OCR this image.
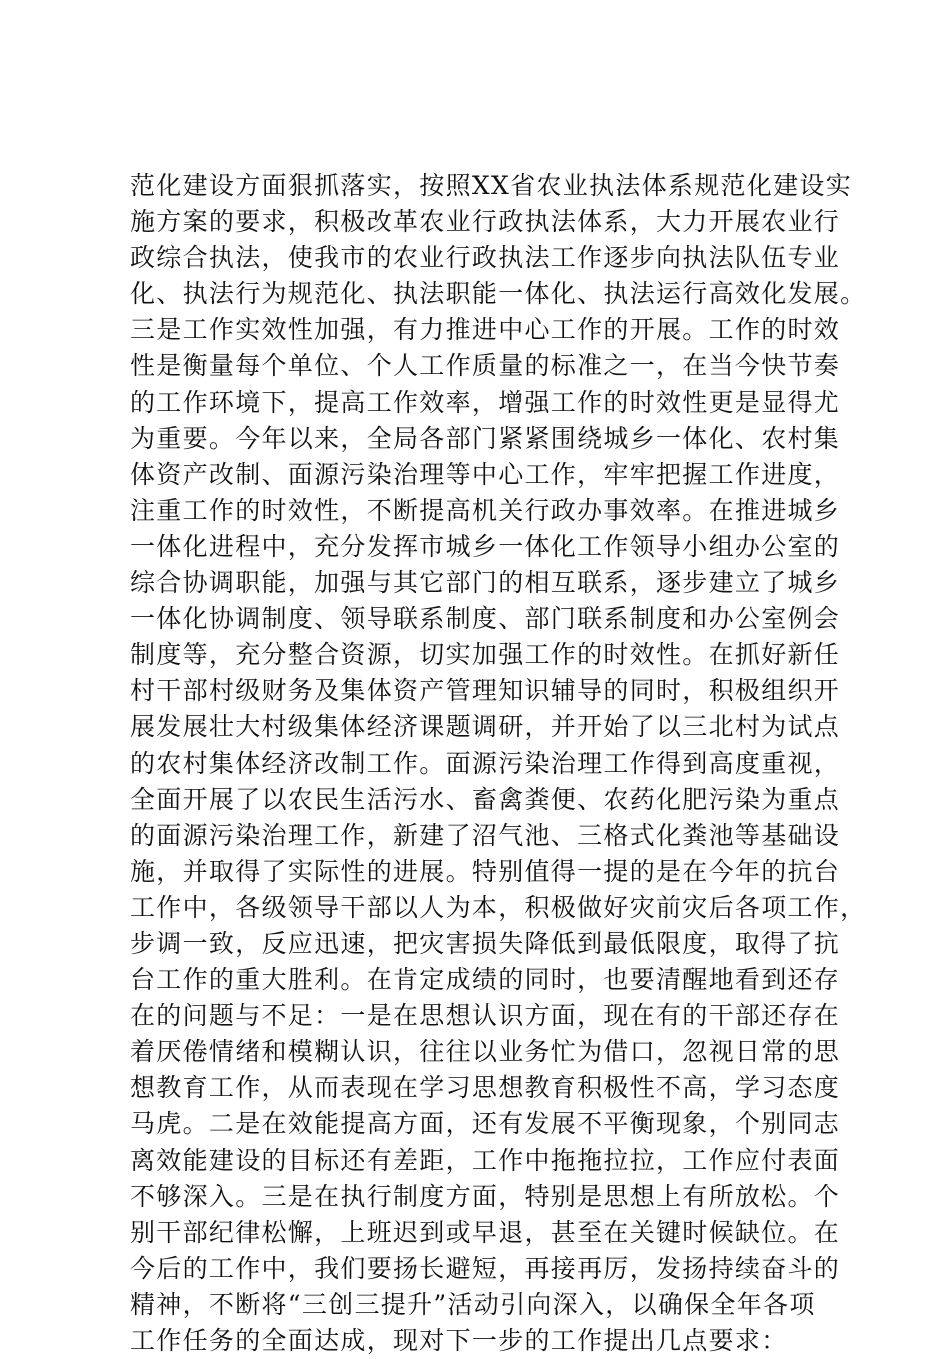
范化建设方面狠抓落实，按照XX省农业执法体系规范化建设实
施方案的要求，积极改革农业行政执法体系，大力开展农业行
政综合执法，使我市的农业行政执法工作逐步向执法队伍专业
化、执法行为规范化、执法职能一体化、执法运行高效化发展。
三是工作实效性加强，有力推进中心工作的开展。工作的时效
性是衡量每个单位、个人工作质量的标准之一，在当今快节奏
的工作环境下，提高工作效率，增强工作的时效性更是显得尤
为重要。今年以来，全局各部门紧紧围绕城乡一体化、农村集
体资产改制、面源污染治理等中心工作，牢牢把握工作进度，
注重工作的时效性，不断提高机关行政办事效率。在推进城乡
一体化进程中，充分发挥市城乡一体化工作领导小组办公室的
综合协调职能，加强与其它部门的相互联系，逐步建立了城乡
一体化协调制度、领导联系制度、部门联系制度和办公室例会
制度等，充分整合资源，切实加强工作的时效性。在抓好新任
村干部村级财务及集体资产管理知识辅导的同时，积极组织开
展发展壮大村级集体经济课题调研，并开始了以三北村为试点
的农村集体经济改制工作。面源污染治理工作得到高度重视，
全面开展了以农民生活污水、畜禽粪便、农药化肥污染为重点
的面源污染治理工作，新建了沼气池、三格式化粪池等基础设
施，并取得了实际性的进展。特别值得一提的是在今年的抗台
工作中，各级领导干部以人为本，积极做好灾前灾后各项工作，
步调一致，反应迅速，把灾害损失降低到最低限度，取得了抗
台工作的重大胜利。在肯定成绩的同时，也要清醒地看到还存
在的问题与不足：一是在思想认识方面，现在有的干部还存在
着厌倦情绪和模糊认识，往往以业务忙为借口，忽视日常的思
想教育工作，从而表现在学习思想教育积极性不高，学习态度
马虎。二是在效能提高方面，还有发展不平衡现象，个别同志
离效能建设的目标还有差距，工作中拖拖拉拉，工作应付表面
不够深入。三是在执行制度方面，特别是思想上有所放松。个
别干部纪律松懈，上班迟到或早退，甚至在关键时候缺位。在
今后的工作中，我们要扬长避短，再接再厉，发扬持续奋斗的
精神，不断将“三创三提升”活动引向深入，以确保全年各项
工作任务的全面达成，现对下一步的工作提出几点要求：
